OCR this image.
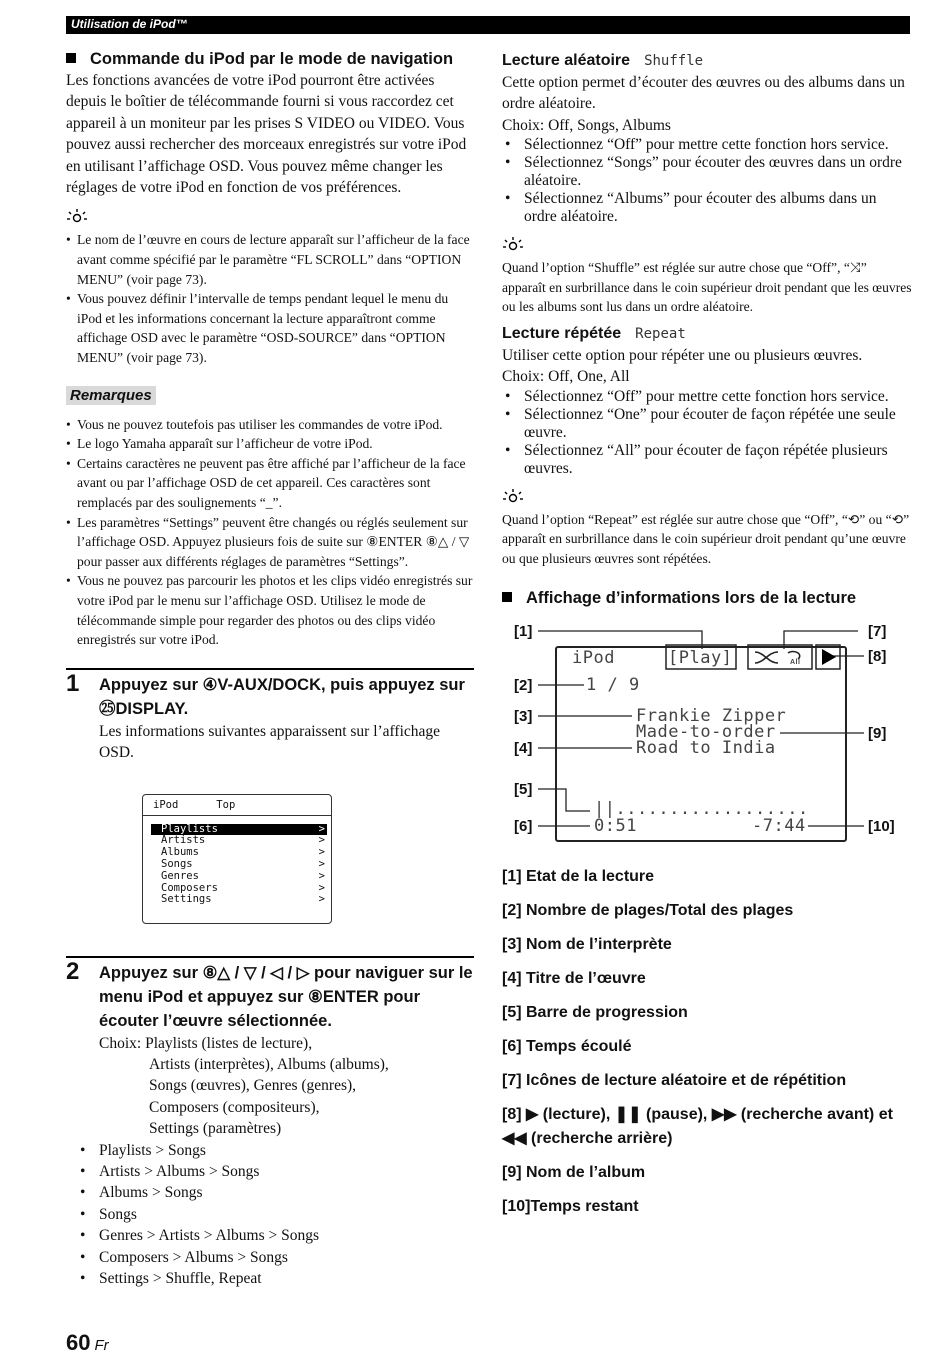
Utilisation de iPod™
Commande du iPod par le mode de navigation

Les fonctions avancées de votre iPod pourront être activées depuis le boîtier de télécommande fourni si vous raccordez cet appareil à un moniteur par les prises S VIDEO ou VIDEO. Vous pouvez aussi rechercher des morceaux enregistrés sur votre iPod en utilisant l’affichage OSD. Vous pouvez même changer les réglages de votre iPod en fonction de vos préférences.

• Le nom de l’œuvre en cours de lecture apparaît sur l’afficheur de la face avant comme spécifié par le paramètre “FL SCROLL” dans “OPTION MENU” (voir page 73).
• Vous pouvez définir l’intervalle de temps pendant lequel le menu du iPod et les informations concernant la lecture apparaîtront comme affichage OSD avec le paramètre “OSD-SOURCE” dans “OPTION MENU” (voir page 73).
Remarques
• Vous ne pouvez toutefois pas utiliser les commandes de votre iPod.
• Le logo Yamaha apparaît sur l’afficheur de votre iPod.
• Certains caractères ne peuvent pas être affiché par l’afficheur de la face avant ou par l’affichage OSD de cet appareil. Ces caractères sont remplacés par des soulignements “_”.
• Les paramètres “Settings” peuvent être changés ou réglés seulement sur l’affichage OSD. Appuyez plusieurs fois de suite sur ⑧ENTER ⑧△ / ▽ pour passer aux différents réglages de paramètres “Settings”.
• Vous ne pouvez pas parcourir les photos et les clips vidéo enregistrés sur votre iPod par le menu sur l’affichage OSD. Utilisez le mode de télécommande simple pour regarder des photos ou des clips vidéo enregistrés sur votre iPod.
1 Appuyez sur ④V-AUX/DOCK, puis appuyez sur ㉕DISPLAY.
Les informations suivantes apparaissent sur l’affichage OSD.
iPod	Top
Playlists	>
Artists	>
Albums	>
Songs	>
Genres	>
Composers	>
Settings	>
2 Appuyez sur ⑧△ / ▽ / ◁ / ▷ pour naviguer sur le menu iPod et appuyez sur ⑧ENTER pour écouter l’œuvre sélectionnée.
Choix: Playlists (listes de lecture),
Artists (interprètes), Albums (albums),
Songs (œuvres), Genres (genres),
Composers (compositeurs),
Settings (paramètres)
• Playlists > Songs
• Artists > Albums > Songs
• Albums > Songs
• Songs
• Genres > Artists > Albums > Songs
• Composers > Albums > Songs
• Settings > Shuffle, Repeat
Lecture aléatoire Shuffle

Cette option permet d’écouter des œuvres ou des albums dans un ordre aléatoire.

Choix: Off, Songs, Albums

• Sélectionnez “Off” pour mettre cette fonction hors service.
• Sélectionnez “Songs” pour écouter des œuvres dans un ordre aléatoire.
• Sélectionnez “Albums” pour écouter des albums dans un ordre aléatoire.

Quand l’option “Shuffle” est réglée sur autre chose que “Off”, “⤨” apparaît en surbrillance dans le coin supérieur droit pendant que les œuvres ou les albums sont lus dans un ordre aléatoire.

Lecture répétée Repeat

Utiliser cette option pour répéter une ou plusieurs œuvres.

Choix: Off, One, All

• Sélectionnez “Off” pour mettre cette fonction hors service.
• Sélectionnez “One” pour écouter de façon répétée une seule œuvre.
• Sélectionnez “All” pour écouter de façon répétée plusieurs œuvres.

Quand l’option “Repeat” est réglée sur autre chose que “Off”, “⟲” ou “⟲” apparaît en surbrillance dans le coin supérieur droit pendant qu’une œuvre ou que plusieurs œuvres sont répétées.

Affichage d’informations lors de la lecture
[1]
[2]
[3]
[4]
[5]
[6]
[7]
[8]
[9]
[10]
iPod	[Play]	All
1 / 9
Frankie Zipper
Made-to-order
Road to India
||..................
0:51	-7:44
[1] Etat de la lecture
[2] Nombre de plages/Total des plages
[3] Nom de l’interprète
[4] Titre de l’œuvre
[5] Barre de progression
[6] Temps écoulé
[7] Icônes de lecture aléatoire et de répétition
[8] ▶ (lecture), ❚❚ (pause), ▶▶ (recherche avant) et ◀◀ (recherche arrière)
[9] Nom de l’album
[10]Temps restant
60 Fr
